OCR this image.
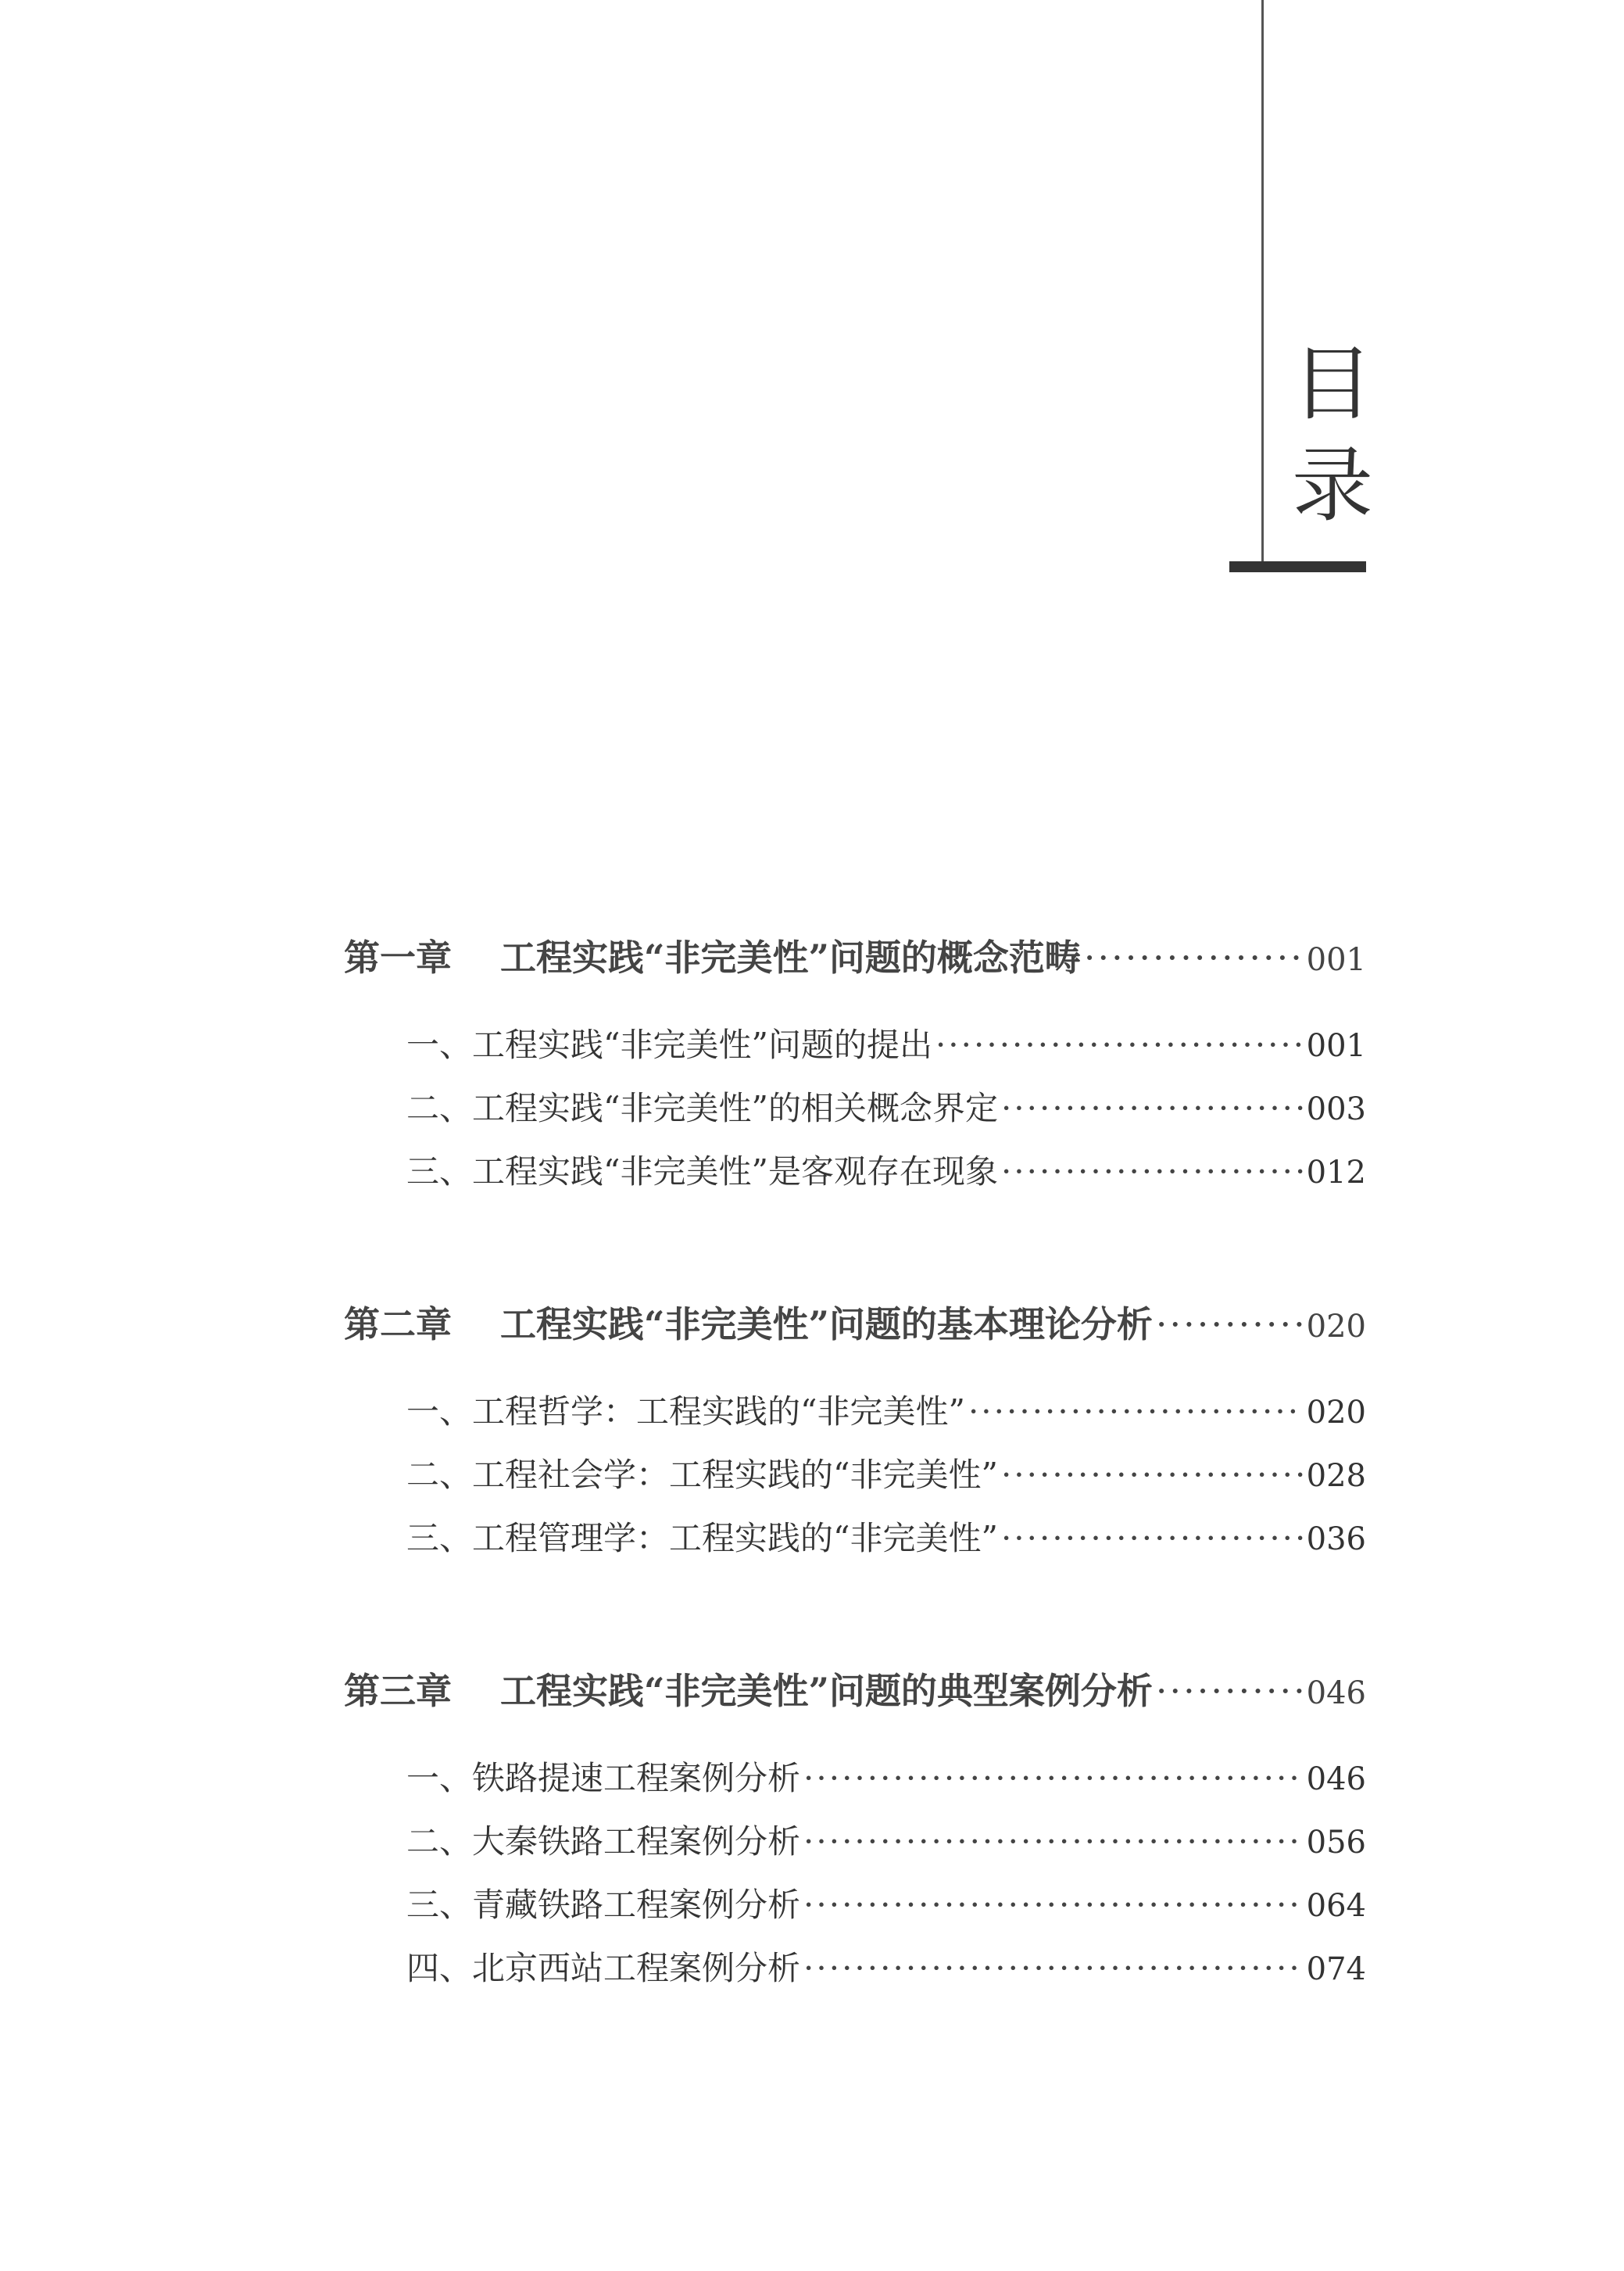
目
录
第一章	工程实践“非完美性”问题的概念范畴 ·····	001
一、工程实践“非完美性”问题的提出 ·····	001
二、工程实践“非完美性”的相关概念界定 ·····	003
三、工程实践“非完美性”是客观存在现象 ·····	012
第二章	工程实践“非完美性”问题的基本理论分析 ·····	020
一、工程哲学：工程实践的“非完美性” ·····	020
二、工程社会学：工程实践的“非完美性” ·····	028
三、工程管理学：工程实践的“非完美性” ·····	036
第三章	工程实践“非完美性”问题的典型案例分析 ·····	046
一、铁路提速工程案例分析 ·····	046
二、大秦铁路工程案例分析 ·····	056
三、青藏铁路工程案例分析 ·····	064
四、北京西站工程案例分析 ·····	074
